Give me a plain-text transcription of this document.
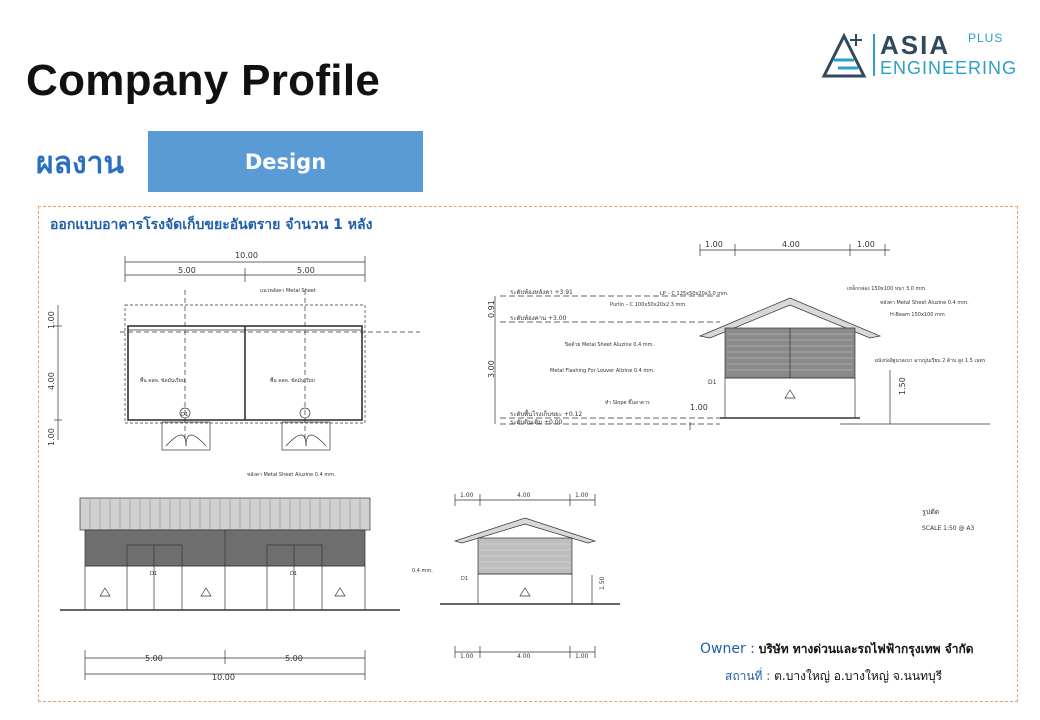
Company Profile
ASIA PLUS
ENGINEERING
ผลงาน	Design
ออกแบบอาคารโรงจัดเก็บขยะอันตราย จำนวน 1 หลัง
10.00
5.00	5.00
แนวหลังคา Metal Sheet
พื้น คสล. ขัดมันเรียบ	พื้น คสล. ขัดมันเรียบ
D1
1.00
4.00
1.00
1.00	4.00	1.00
ระดับท้องหลังคา +3.91
ระดับท้องคาน +3.00
ระดับพื้นโรงเก็บขยะ +0.12
ระดับดินเดิม ±0.00
3.00
0.91
1.50
1.00
LP – C 125x50x20x3.0 mm.
Purlin – C 100x50x20x2.3 mm.
ปิดด้วย Metal Sheet Aluzine 0.4 mm.
Metal Flashing For Louver Alizine 0.4 mm.
ทำ Slope ขึ้นอาคาร
เหล็กกล่อง 150x100 หนา 3.0 mm.
หลังคา Metal Sheet Aluzine 0.4 mm.
H-Beam 150x100 mm
ผนังก่ออิฐมวลเบา ฉาบปูนเรียบ 2 ด้าน สูง 1.5 เมตร
D1
รูปตัด
SCALE 1:50 @ A3
หลังคา Metal Sheet Aluzine 0.4 mm.
D1	D1
5.00	5.00
10.00
1.00	4.00	1.00
1.00	4.00	1.00
1.50
0.4 mm.
D1
Owner : บริษัท ทางด่วนและรถไฟฟ้ากรุงเทพ จำกัด
สถานที่ : ต.บางใหญ่ อ.บางใหญ่ จ.นนทบุรี
